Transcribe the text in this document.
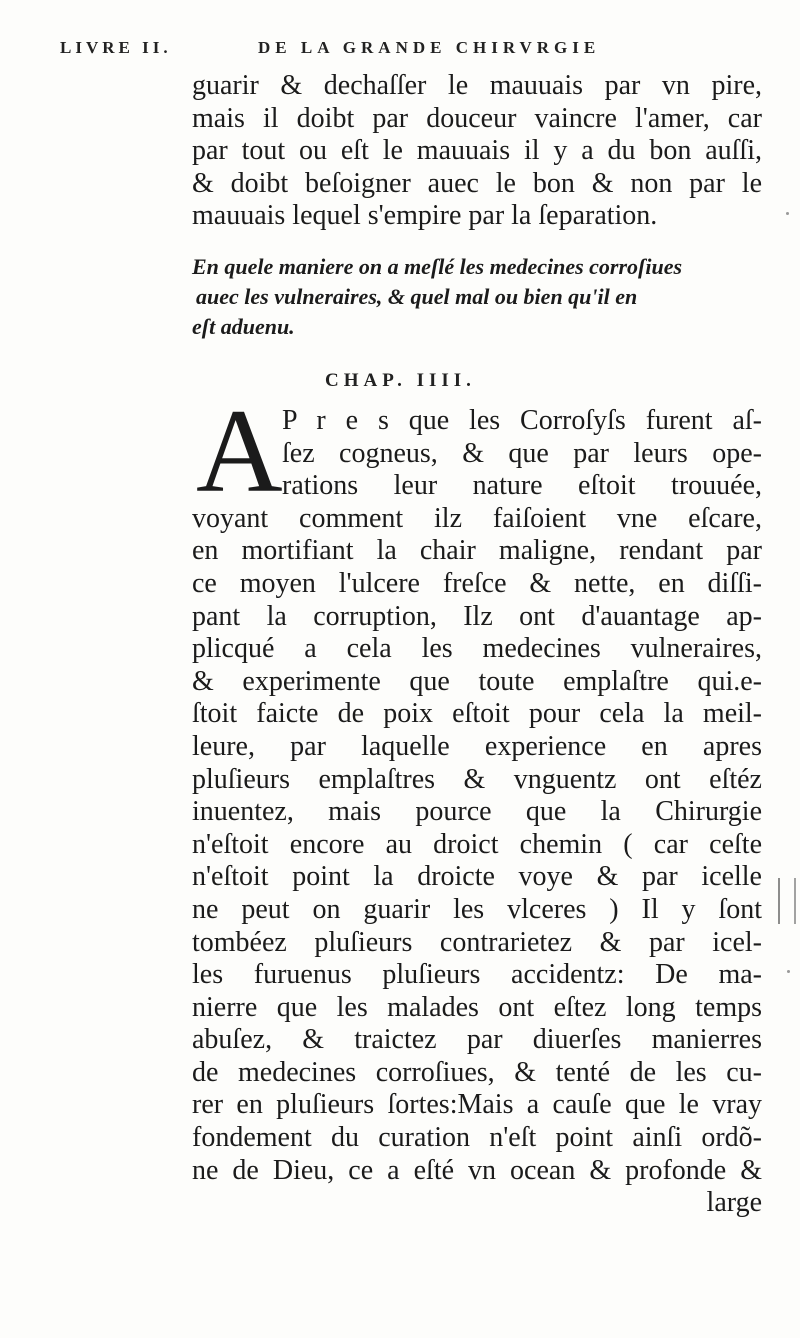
LIVRE II.	DE LA GRANDE CHIRVRGIE
guarir & dechaſſer le mauuais par vn pire,
mais il doibt par douceur vaincre l'amer, car
par tout ou eſt le mauuais il y a du bon auſſi,
& doibt beſoigner auec le bon & non par le
mauuais lequel s'empire par la ſeparation.
En quele maniere on a meſlé les medecines corroſiues
auec les vulneraires, & quel mal ou bien qu'il en
eſt aduenu.
CHAP. IIII.
A P r e s que les Corroſyſs furent aſ-
ſez cogneus, & que par leurs ope-
rations leur nature eſtoit trouuée,
voyant comment ilz faiſoient vne eſcare,
en mortifiant la chair maligne, rendant par
ce moyen l'ulcere freſce & nette, en diſſi-
pant la corruption, Ilz ont d'auantage ap-
plicqué a cela les medecines vulneraires,
& experimente que toute emplaſtre qui.e-
ſtoit faicte de poix eſtoit pour cela la meil-
leure, par laquelle experience en apres
pluſieurs emplaſtres & vnguentz ont eſtéz
inuentez, mais pource que la Chirurgie
n'eſtoit encore au droict chemin ( car ceſte
n'eſtoit point la droicte voye & par icelle
ne peut on guarir les vlceres ) Il y ſont
tombéez pluſieurs contrarietez & par icel-
les furuenus pluſieurs accidentz: De ma-
nierre que les malades ont eſtez long temps
abuſez, & traictez par diuerſes manierres
de medecines corroſiues, & tenté de les cu-
rer en pluſieurs ſortes:Mais a cauſe que le vray
fondement du curation n'eſt point ainſi ordõ-
ne de Dieu, ce a eſté vn ocean & profonde &
large
